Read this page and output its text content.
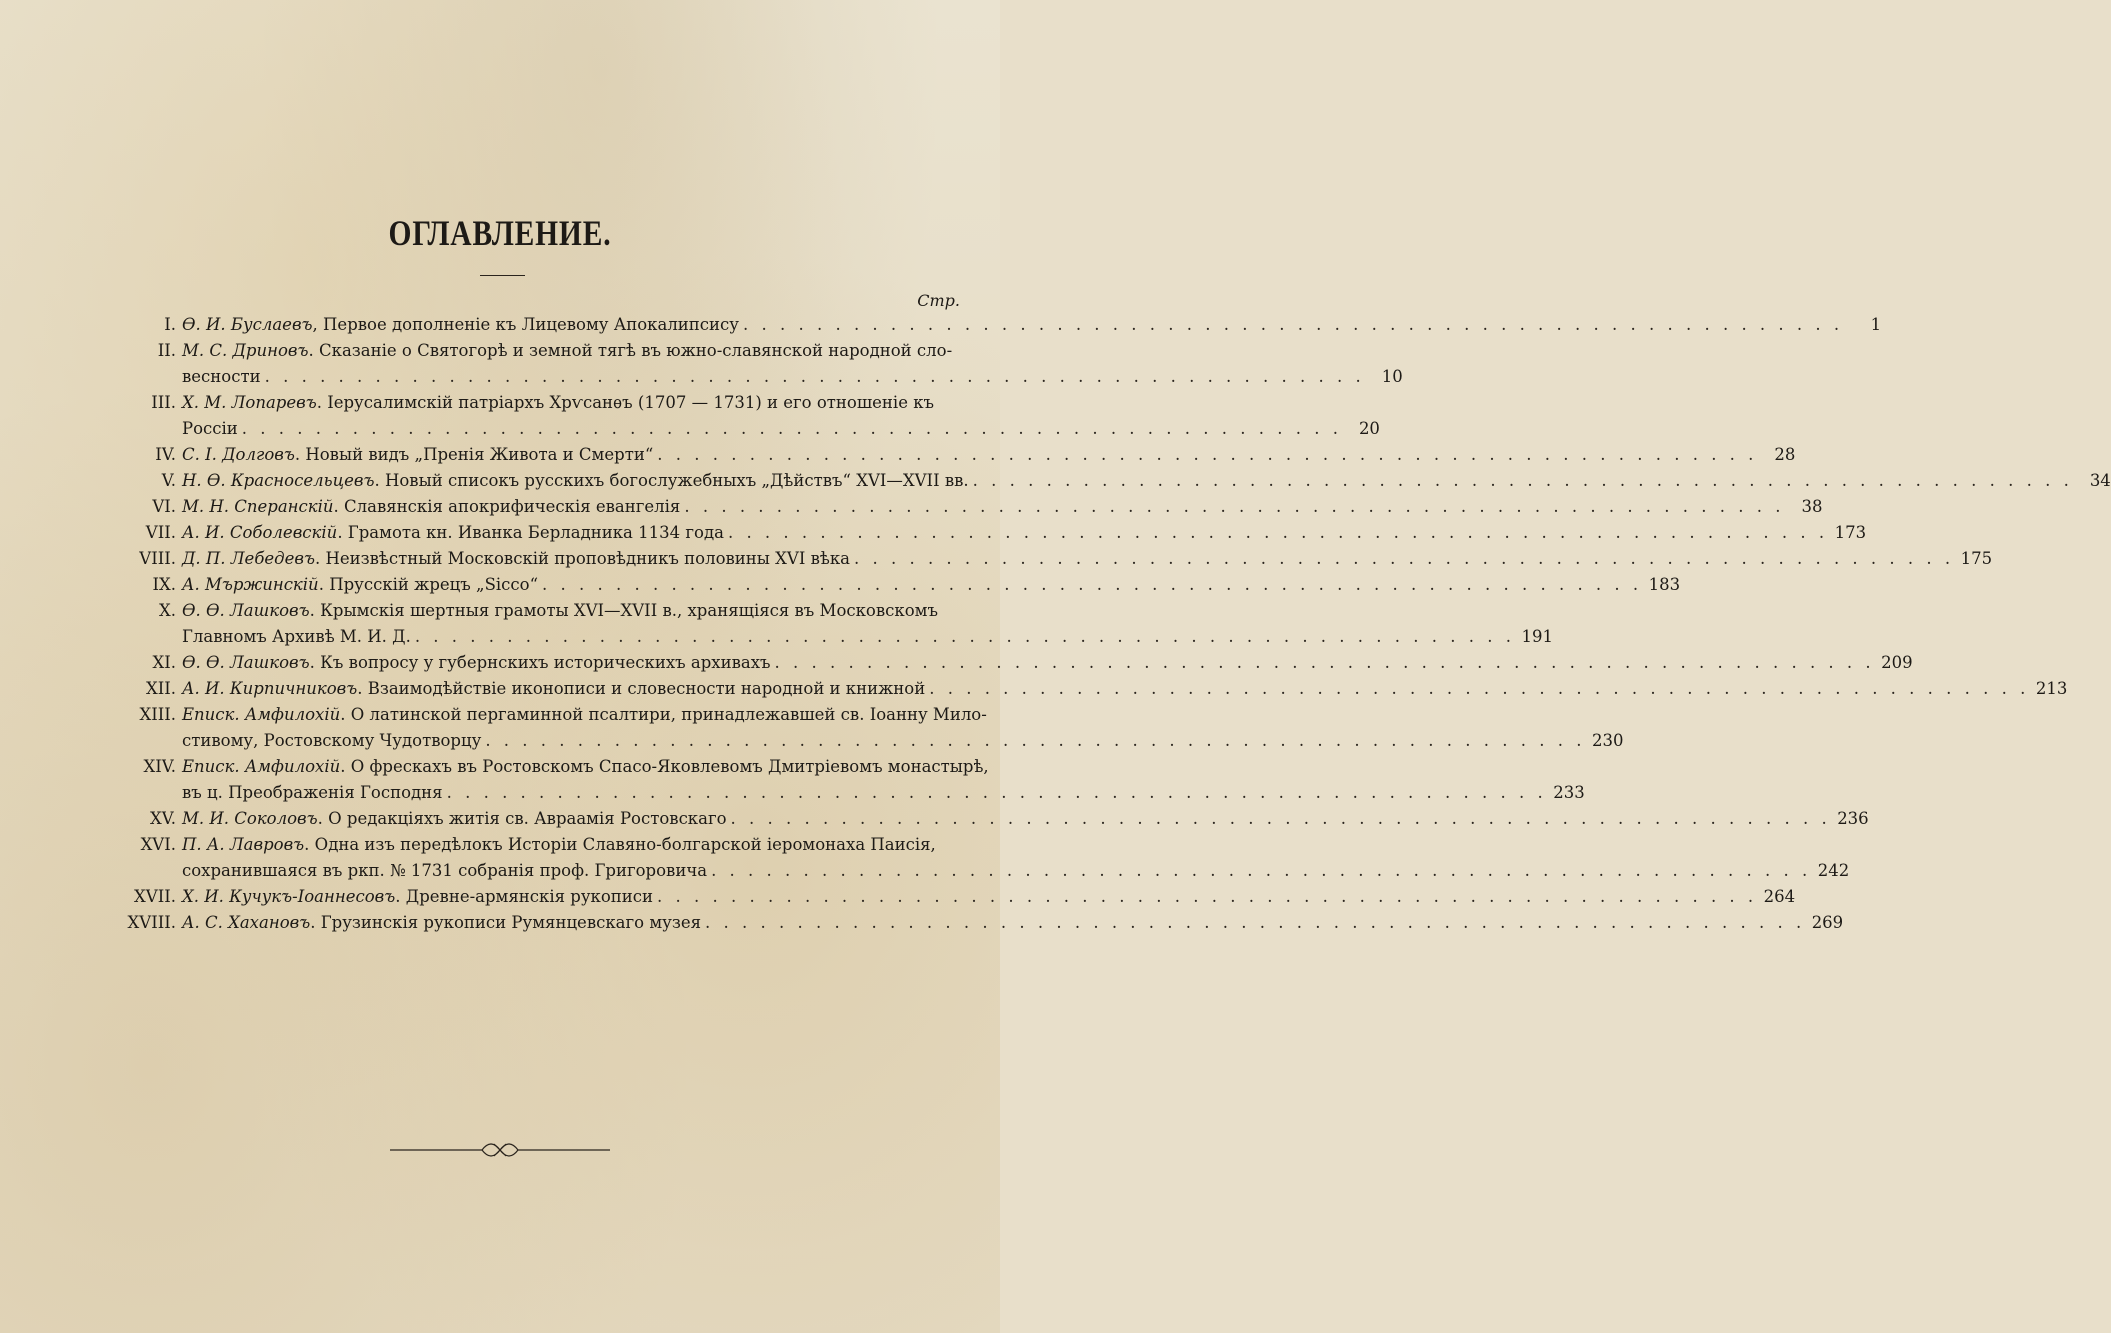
ОГЛАВЛЕНИЕ.
Стр.
I. Ѳ. И. Буслаевъ, Первое дополненіе къ Лицевому Апокалипсису . . . . . . . . . . . . . . . . . . . . . . . . . . . . . . . . . . . . . . . . . . . . . . . . . . . . . . . . . . . .	1
II. М. С. Дриновъ. Сказаніе о Святогорѣ и земной тягѣ въ южно-славянской народной сло-
весности . . . . . . . . . . . . . . . . . . . . . . . . . . . . . . . . . . . . . . . . . . . . . . . . . . . . . . . . . . . .	10
III. Х. М. Лопаревъ. Іерусалимскій патріархъ Хрѵсанѳъ (1707 — 1731) и его отношеніе къ
Россіи . . . . . . . . . . . . . . . . . . . . . . . . . . . . . . . . . . . . . . . . . . . . . . . . . . . . . . . . . . . .	20
IV. С. І. Долговъ. Новый видъ „Пренія Живота и Смерти“ . . . . . . . . . . . . . . . . . . . . . . . . . . . . . . . . . . . . . . . . . . . . . . . . . . . . . . . . . . . .	28
V. Н. Ѳ. Красносельцевъ. Новый списокъ русскихъ богослужебныхъ „Дѣйствъ“ XVI—XVII вв. . . . . . . . . . . . . . . . . . . . . . . . . . . . . . . . . . . . . . . . . . . . . . . . . . . . . . . . . . . . .	34
VI. М. Н. Сперанскій. Славянскія апокрифическія евангелія . . . . . . . . . . . . . . . . . . . . . . . . . . . . . . . . . . . . . . . . . . . . . . . . . . . . . . . . . . . .	38
VII. А. И. Соболевскій. Грамота кн. Иванка Берладника 1134 года . . . . . . . . . . . . . . . . . . . . . . . . . . . . . . . . . . . . . . . . . . . . . . . . . . . . . . . . . . . . 173
VIII. Д. П. Лебедевъ. Неизвѣстный Московскій проповѣдникъ половины XVI вѣка . . . . . . . . . . . . . . . . . . . . . . . . . . . . . . . . . . . . . . . . . . . . . . . . . . . . . . . . . . . . 175
IX. А. Мържинскій. Прусскій жрецъ „Sicco“ . . . . . . . . . . . . . . . . . . . . . . . . . . . . . . . . . . . . . . . . . . . . . . . . . . . . . . . . . . . . 183
X. Ѳ. Ѳ. Лашковъ. Крымскія шертныя грамоты XVI—XVII в., хранящіяся въ Московскомъ
Главномъ Архивѣ М. И. Д. . . . . . . . . . . . . . . . . . . . . . . . . . . . . . . . . . . . . . . . . . . . . . . . . . . . . . . . . . . . . 191
XI. Ѳ. Ѳ. Лашковъ. Къ вопросу у губернскихъ историческихъ архивахъ . . . . . . . . . . . . . . . . . . . . . . . . . . . . . . . . . . . . . . . . . . . . . . . . . . . . . . . . . . . . 209
XII. А. И. Кирпичниковъ. Взаимодѣйствіе иконописи и словесности народной и книжной . . . . . . . . . . . . . . . . . . . . . . . . . . . . . . . . . . . . . . . . . . . . . . . . . . . . . . . . . . . . 213
XIII. Еписк. Амфилохій. О латинской пергаминной псалтири, принадлежавшей св. Іоанну Мило-
стивому, Ростовскому Чудотворцу . . . . . . . . . . . . . . . . . . . . . . . . . . . . . . . . . . . . . . . . . . . . . . . . . . . . . . . . . . . . 230
XIV. Еписк. Амфилохій. О фрескахъ въ Ростовскомъ Спасо-Яковлевомъ Дмитріевомъ монастырѣ,
въ ц. Преображенія Господня . . . . . . . . . . . . . . . . . . . . . . . . . . . . . . . . . . . . . . . . . . . . . . . . . . . . . . . . . . . . 233
XV. М. И. Соколовъ. О редакціяхъ житія св. Авраамія Ростовскаго . . . . . . . . . . . . . . . . . . . . . . . . . . . . . . . . . . . . . . . . . . . . . . . . . . . . . . . . . . . . 236
XVI. П. А. Лавровъ. Одна изъ передѣлокъ Исторіи Славяно-болгарской іеромонаха Паисія,
сохранившаяся въ ркп. № 1731 собранія проф. Григоровича . . . . . . . . . . . . . . . . . . . . . . . . . . . . . . . . . . . . . . . . . . . . . . . . . . . . . . . . . . . . 242
XVII. Х. И. Кучукъ-Іоаннесовъ. Древне-армянскія рукописи . . . . . . . . . . . . . . . . . . . . . . . . . . . . . . . . . . . . . . . . . . . . . . . . . . . . . . . . . . . . 264
XVIII. А. С. Хахановъ. Грузинскія рукописи Румянцевскаго музея . . . . . . . . . . . . . . . . . . . . . . . . . . . . . . . . . . . . . . . . . . . . . . . . . . . . . . . . . . . . 269
